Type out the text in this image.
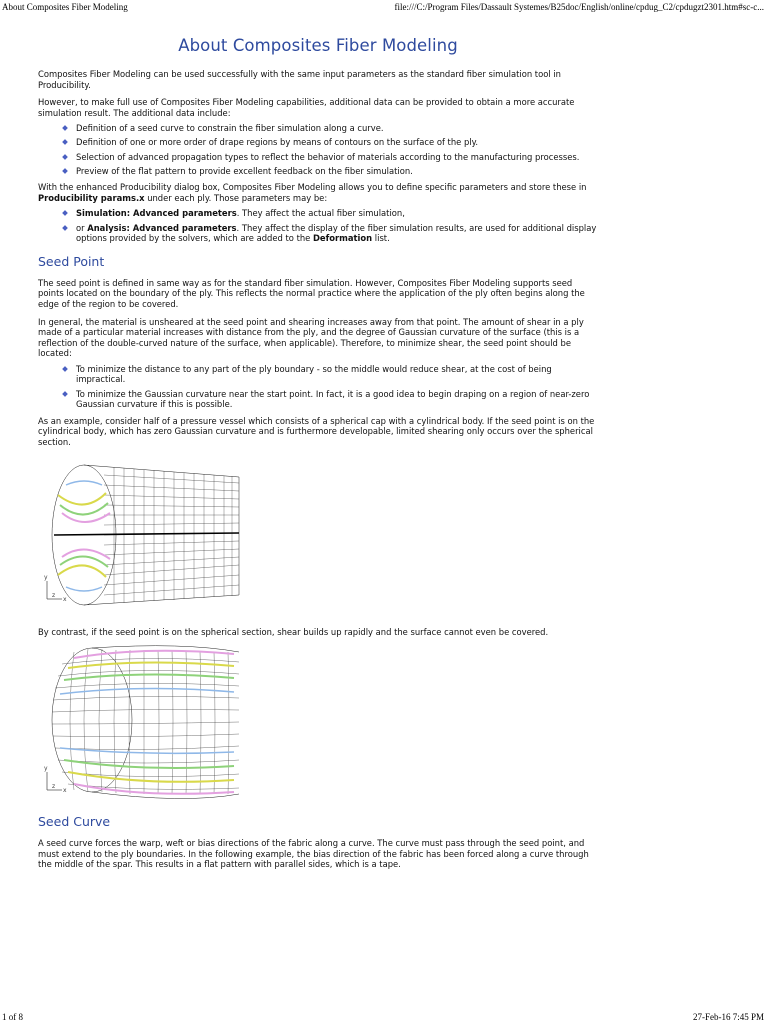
About Composites Fiber Modeling	file:///C:/Program Files/Dassault Systemes/B25doc/English/online/cpdug_C2/cpdugzt2301.htm#sc-c...
About Composites Fiber Modeling

Composites Fiber Modeling can be used successfully with the same input parameters as the standard fiber simulation tool in Producibility.

However, to make full use of Composites Fiber Modeling capabilities, additional data can be provided to obtain a more accurate simulation result. The additional data include:

Definition of a seed curve to constrain the fiber simulation along a curve.
Definition of one or more order of drape regions by means of contours on the surface of the ply.
Selection of advanced propagation types to reflect the behavior of materials according to the manufacturing processes.
Preview of the flat pattern to provide excellent feedback on the fiber simulation.

With the enhanced Producibility dialog box, Composites Fiber Modeling allows you to define specific parameters and store these in Producibility params.x under each ply. Those parameters may be:

Simulation: Advanced parameters. They affect the actual fiber simulation,
or Analysis: Advanced parameters. They affect the display of the fiber simulation results, are used for additional display options provided by the solvers, which are added to the Deformation list.
Seed Point

The seed point is defined in same way as for the standard fiber simulation. However, Composites Fiber Modeling supports seed points located on the boundary of the ply. This reflects the normal practice where the application of the ply often begins along the edge of the region to be covered.

In general, the material is unsheared at the seed point and shearing increases away from that point. The amount of shear in a ply made of a particular material increases with distance from the ply, and the degree of Gaussian curvature of the surface (this is a reflection of the double-curved nature of the surface, when applicable). Therefore, to minimize shear, the seed point should be located:

To minimize the distance to any part of the ply boundary - so the middle would reduce shear, at the cost of being impractical.
To minimize the Gaussian curvature near the start point. In fact, it is a good idea to begin draping on a region of near-zero Gaussian curvature if this is possible.

As an example, consider half of a pressure vessel which consists of a spherical cap with a cylindrical body. If the seed point is on the cylindrical body, which has zero Gaussian curvature and is furthermore developable, limited shearing only occurs over the spherical section.

y
z
x

By contrast, if the seed point is on the spherical section, shear builds up rapidly and the surface cannot even be covered.

y
z
x
Seed Curve

A seed curve forces the warp, weft or bias directions of the fabric along a curve. The curve must pass through the seed point, and must extend to the ply boundaries. In the following example, the bias direction of the fabric has been forced along a curve through the middle of the spar. This results in a flat pattern with parallel sides, which is a tape.

1 of 8	27-Feb-16 7:45 PM
